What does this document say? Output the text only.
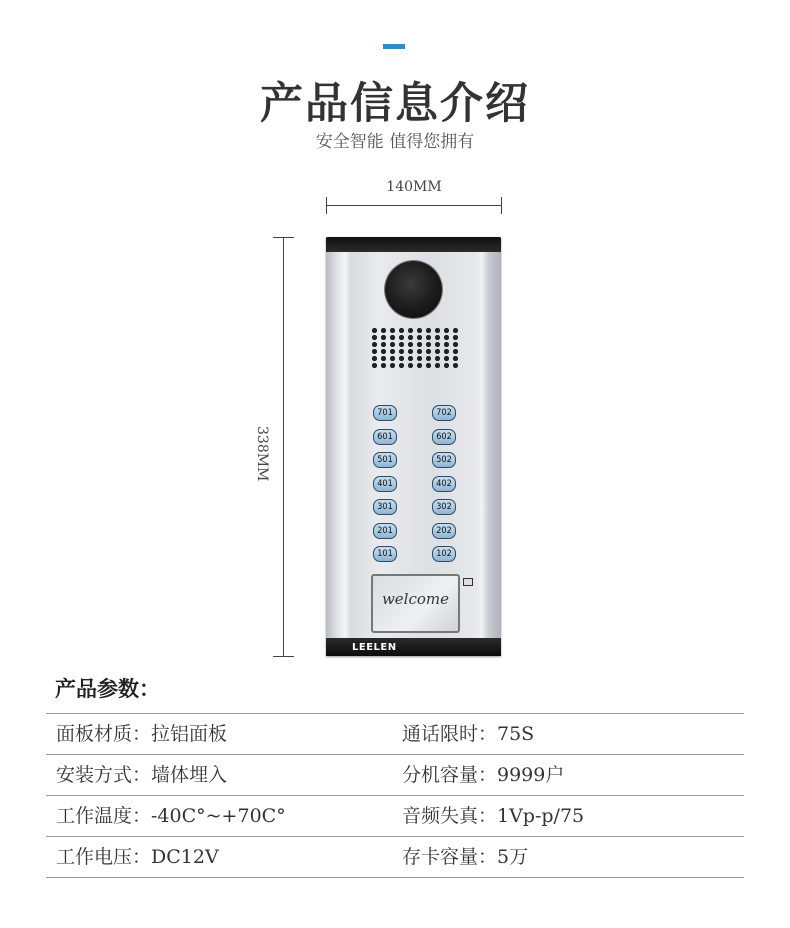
产品信息介绍
安全智能 值得您拥有
140MM
338MM
701	702
601	602
501	502
401	402
301	302
201	202
101	102
welcome
LEELEN
产品参数：
面板材质：拉铝面板	通话限时：75S
安装方式：墙体埋入	分机容量：9999户
工作温度：-40C°~+70C°	音频失真：1Vp-p/75
工作电压：DC12V	存卡容量：5万
